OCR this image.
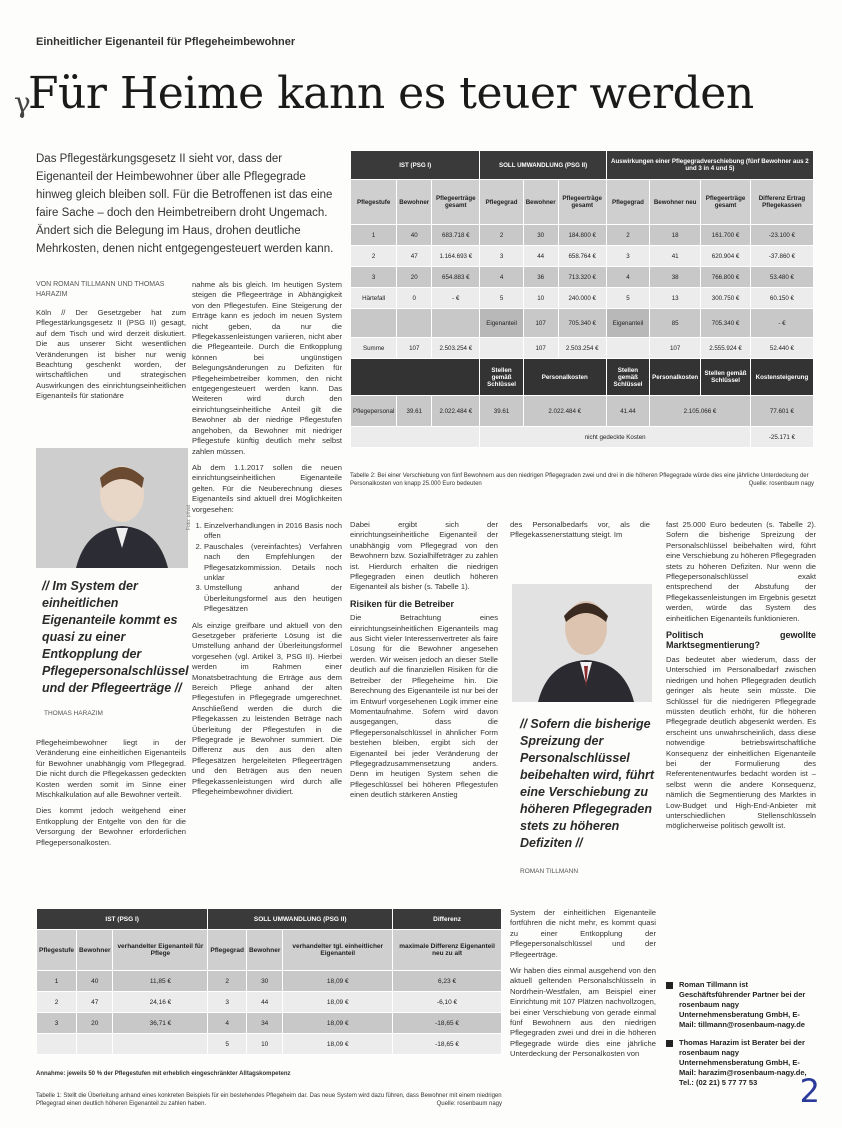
Einheitlicher Eigenanteil für Pflegeheimbewohner
γ
Für Heime kann es teuer werden
Das Pflegestärkungsgesetz II sieht vor, dass der Eigenanteil der Heimbewohner über alle Pflegegrade hinweg gleich bleiben soll. Für die Betroffenen ist das eine faire Sache – doch den Heimbetreibern droht Ungemach. Ändert sich die Belegung im Haus, drohen deutliche Mehrkosten, denen nicht entgegengesteuert werden kann.
VON ROMAN TILLMANN UND THOMAS HARAZIM

Köln // Der Gesetzgeber hat zum Pflegestärkungsgesetz II (PSG II) gesagt, auf dem Tisch und wird derzeit diskutiert. Die aus unserer Sicht wesentlichen Veränderungen ist bisher nur wenig Beachtung geschenkt worden, der wirtschaftlichen und strategischen Auswirkungen des einrichtungseinheitlichen Eigenanteils für stationäre

Foto: privat
// Im System der einheitlichen Eigenanteile kommt es quasi zu einer Entkopplung der Pflegepersonalschlüssel und der Pflegeerträge //
THOMAS HARAZIM

Pflegeheimbewohner liegt in der Veränderung eine einheitlichen Eigenanteils für Bewohner unabhängig vom Pflegegrad. Die nicht durch die Pflegekassen gedeckten Kosten werden somit im Sinne einer Mischkalkulation auf alle Bewohner verteilt.

Dies kommt jedoch weitgehend einer Entkopplung der Entgelte von den für die Versorgung der Bewohner erforderlichen Pflegepersonalkosten.

nahme als bis gleich. Im heutigen System steigen die Pflegeerträge in Abhängigkeit von den Pflegestufen. Eine Steigerung der Erträge kann es jedoch im neuen System nicht geben, da nur die Pflegekassenleistungen variieren, nicht aber die Pflegeanteile. Durch die Entkopplung können bei ungünstigen Belegungsänderungen zu Defiziten für Pflegeheimbetreiber kommen, den nicht entgegengesteuert werden kann. Das Weiteren wird durch den einrichtungseinheitliche Anteil gilt die Bewohner ab der niedrige Pflegestufen angehoben, da Bewohner mit niedriger Pflegestufe künftig deutlich mehr selbst zahlen müssen.

Ab dem 1.1.2017 sollen die neuen einrichtungseinheitlichen Eigenanteile gelten. Für die Neuberechnung dieses Eigenanteils sind aktuell drei Möglichkeiten vorgesehen:

1. Einzelverhandlungen in 2016 Basis noch offen
2. Pauschales (vereinfachtes) Verfahren nach den Empfehlungen der Pflegesatzkommission. Details noch unklar
3. Umstellung anhand der Überleitungsformel aus den heutigen Pflegesätzen

Als einzige greifbare und aktuell von den Gesetzgeber präferierte Lösung ist die Umstellung anhand der Überleitungsformel vorgesehen (vgl. Artikel 3, PSG II). Hierbei werden im Rahmen einer Monatsbetrachtung die Erträge aus dem Bereich Pflege anhand der alten Pflegestufen in Pflegegrade umgerechnet. Anschließend werden die durch die Pflegekassen zu leistenden Beträge nach Überleitung der Pflegestufen in die Pflegegrade je Bewohner summiert. Die Differenz aus den aus den alten Pflegesätzen hergeleiteten Pflegeerträgen und den Beträgen aus den neuen Pflegekassenleistungen wird durch alle Pflegeheimbewohner dividiert.

IST (PSG I)			SOLL UMWANDLUNG (PSG II)			Auswirkungen einer Pflegegradverschiebung (fünf Bewohner aus 2 und 3 in 4 und 5)			
Pflegestufe	Bewohner	Pflegeerträge gesamt	Pflegegrad	Bewohner	Pflegeerträge gesamt	Pflegegrad	Bewohner neu	Pflegeerträge gesamt	Differenz Ertrag Pflegekassen
1	40	683.718 €	2	30	184.800 €	2	18	161.700 €	-23.100 €
2	47	1.164.693 €	3	44	658.764 €	3	41	620.904 €	-37.860 €
3	20	654.883 €	4	36	713.320 €	4	38	766.800 €	53.480 €
Härtefall	0	- €	5	10	240.000 €	5	13	300.750 €	60.150 €
			Eigenanteil	107	705.340 €	Eigenanteil	85	705.340 €	- €
Summe	107	2.503.254 €		107	2.503.254 €		107	2.555.924 €	52.440 €
			Stellen gemäß Schlüssel	Personalkosten		Stellen gemäß Schlüssel	Personalkosten	Stellen gemäß Schlüssel	Kostensteigerung
Pflegepersonal	39.61	2.022.484 €	39.61	2.022.484 €		41.44	2.105.066 €		77.601 €
			nicht gedeckte Kosten						-25.171 €
Tabelle 2: Bei einer Verschiebung von fünf Bewohnern aus den niedrigen Pflegegraden zwei und drei in die höheren Pflegegrade würde dies eine jährliche Unterdeckung der Personalkosten von knapp 25.000 Euro bedeuten	Quelle: rosenbaum nagy

Dabei ergibt sich der einrichtungseinheitliche Eigenanteil der unabhängig vom Pflegegrad von den Bewohnern bzw. Sozialhilfeträger zu zahlen ist. Hierdurch erhalten die niedrigen Pflegegraden einen deutlich höheren Eigenanteil als bisher (s. Tabelle 1).

Risiken für die Betreiber

Die Betrachtung eines einrichtungseinheitlichen Eigenanteils mag aus Sicht vieler Interessenvertreter als faire Lösung für die Bewohner angesehen werden. Wir weisen jedoch an dieser Stelle deutlich auf die finanziellen Risiken für die Betreiber der Pflegeheime hin. Die Berechnung des Eigenanteile ist nur bei der im Entwurf vorgesehenen Logik immer eine Momentaufnahme. Sofern wird davon ausgegangen, dass die Pflegepersonalschlüssel in ähnlicher Form bestehen bleiben, ergibt sich der Eigenanteil bei jeder Veränderung der Pflegegradzusammensetzung anders. Denn im heutigen System sehen die Pflegeschlüssel bei höheren Pflegestufen einen deutlich stärkeren Anstieg

des Personalbedarfs vor, als die Pflegekassenerstattung steigt. Im

// Sofern die bisherige Spreizung der Personalschlüssel beibehalten wird, führt eine Verschiebung zu höheren Pflegegraden stets zu höheren Defiziten //
ROMAN TILLMANN

fast 25.000 Euro bedeuten (s. Tabelle 2). Sofern die bisherige Spreizung der Personalschlüssel beibehalten wird, führt eine Verschiebung zu höheren Pflegegraden stets zu höheren Defiziten. Nur wenn die Pflegepersonalschlüssel exakt entsprechend der Abstufung der Pflegekassenleistungen im Ergebnis gesetzt werden, würde das System des einheitlichen Eigenanteils funktionieren.

Politisch gewollte Marktsegmentierung?

Das bedeutet aber wiederum, dass der Unterschied im Personalbedarf zwischen niedrigen und hohen Pflegegraden deutlich geringer als heute sein müsste. Die Schlüssel für die niedrigeren Pflegegrade müssten deutlich erhöht, für die höheren Pflegegrade deutlich abgesenkt werden. Es erscheint uns unwahrscheinlich, dass diese notwendige betriebswirtschaftliche Konsequenz der einheitlichen Eigenanteile bei der Formulierung des Referentenentwurfes bedacht worden ist – selbst wenn die andere Konsequenz, nämlich die Segmentierung des Marktes in Low-Budget und High-End-Anbieter mit unterschiedlichen Stellenschlüsseln möglicherweise politisch gewollt ist.

IST (PSG I)			SOLL UMWANDLUNG (PSG II)			Differenz
Pflegestufe	Bewohner	verhandelter Eigenanteil für Pflege	Pflegegrad	Bewohner	verhandelter tgl. einheitlicher Eigenanteil	maximale Differenz Eigenanteil neu zu alt
1	40	11,85 €	2	30	18,09 €	6,23 €
2	47	24,16 €	3	44	18,09 €	-6,10 €
3	20	36,71 €	4	34	18,09 €	-18,65 €
			5	10	18,09 €	-18,65 €
Annahme: jeweils 50 % der Pflegestufen mit erheblich eingeschränkter Alltagskompetenz
Tabelle 1: Stellt die Überleitung anhand eines konkreten Beispiels für ein bestehendes Pflegeheim dar. Das neue System wird dazu führen, dass Bewohner mit einem niedrigen Pflegegrad einen deutlich höheren Eigenanteil zu zahlen haben.	Quelle: rosenbaum nagy

System der einheitlichen Eigenanteile fortführen die nicht mehr, es kommt quasi zu einer Entkopplung der Pflegepersonalschlüssel und der Pflegeerträge.

Wir haben dies einmal ausgehend von den aktuell geltenden Personalschlüsseln in Nordrhein-Westfalen, am Beispiel einer Einrichtung mit 107 Plätzen nachvollzogen, bei einer Verschiebung von gerade einmal fünf Bewohnern aus den niedrigen Pflegegraden zwei und drei in die höheren Pflegegrade würde dies eine jährliche Unterdeckung der Personalkosten von

Roman Tillmann ist Geschäftsführender Partner bei der rosenbaum nagy Unternehmensberatung GmbH, E-Mail: tillmann@rosenbaum-nagy.de
Thomas Harazim ist Berater bei der rosenbaum nagy Unternehmensberatung GmbH, E-Mail: harazim@rosenbaum-nagy.de, Tel.: (02 21) 5 77 77 53	2
